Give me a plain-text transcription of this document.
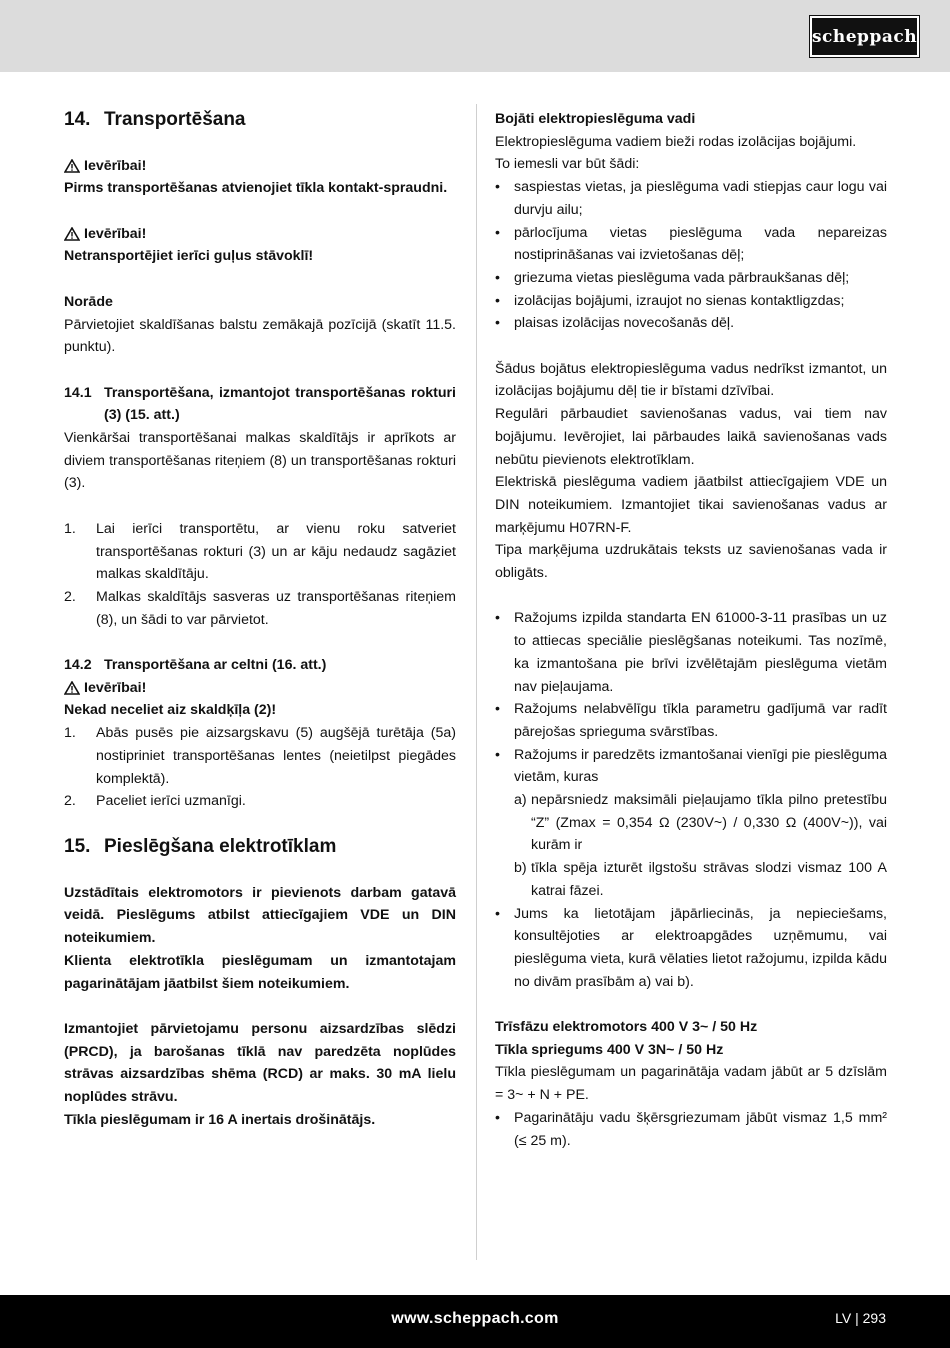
scheppach
14. Transportēšana
Ievērībai!
Pirms transportēšanas atvienojiet tīkla kontakt-spraudni.
Ievērībai!
Netransportējiet ierīci guļus stāvoklī!
Norāde
Pārvietojiet skaldīšanas balstu zemākajā pozīcijā (skatīt 11.5. punktu).
14.1 Transportēšana, izmantojot transportēšanas rokturi (3) (15. att.)
Vienkāršai transportēšanai malkas skaldītājs ir aprīkots ar diviem transportēšanas riteņiem (8) un transportēšanas rokturi (3).
1.	Lai ierīci transportētu, ar vienu roku satveriet transportēšanas rokturi (3) un ar kāju nedaudz sagāziet malkas skaldītāju.
2.	Malkas skaldītājs sasveras uz transportēšanas riteņiem (8), un šādi to var pārvietot.
14.2 Transportēšana ar celtni (16. att.)
Ievērībai!
Nekad neceliet aiz skaldķīļa (2)!
1.	Abās pusēs pie aizsargskavu (5) augšējā turētāja (5a) nostipriniet transportēšanas lentes (neietilpst piegādes komplektā).
2.	Paceliet ierīci uzmanīgi.
15. Pieslēgšana elektrotīklam
Uzstādītais elektromotors ir pievienots darbam gatavā veidā. Pieslēgums atbilst attiecīgajiem VDE un DIN noteikumiem.
Klienta elektrotīkla pieslēgumam un izmantotajam pagarinātājam jāatbilst šiem noteikumiem.
Izmantojiet pārvietojamu personu aizsardzības slēdzi (PRCD), ja barošanas tīklā nav paredzēta noplūdes strāvas aizsardzības shēma (RCD) ar maks. 30 mA lielu noplūdes strāvu.
Tīkla pieslēgumam ir 16 A inertais drošinātājs.
Bojāti elektropieslēguma vadi
Elektropieslēguma vadiem bieži rodas izolācijas bojājumi.
To iemesli var būt šādi:
• saspiestas vietas, ja pieslēguma vadi stiepjas caur logu vai durvju ailu;
• pārlocījuma vietas pieslēguma vada nepareizas nostiprināšanas vai izvietošanas dēļ;
• griezuma vietas pieslēguma vada pārbraukšanas dēļ;
• izolācijas bojājumi, izraujot no sienas kontaktligzdas;
• plaisas izolācijas novecošanās dēļ.
Šādus bojātus elektropieslēguma vadus nedrīkst izmantot, un izolācijas bojājumu dēļ tie ir bīstami dzīvībai.
Regulāri pārbaudiet savienošanas vadus, vai tiem nav bojājumu. Ievērojiet, lai pārbaudes laikā savienošanas vads nebūtu pievienots elektrotīklam.
Elektriskā pieslēguma vadiem jāatbilst attiecīgajiem VDE un DIN noteikumiem. Izmantojiet tikai savienošanas vadus ar marķējumu H07RN-F.
Tipa marķējuma uzdrukātais teksts uz savienošanas vada ir obligāts.
• Ražojums izpilda standarta EN 61000-3-11 prasības un uz to attiecas speciālie pieslēgšanas noteikumi. Tas nozīmē, ka izmantošana pie brīvi izvēlētajām pieslēguma vietām nav pieļaujama.
• Ražojums nelabvēlīgu tīkla parametru gadījumā var radīt pārejošas sprieguma svārstības.
• Ražojums ir paredzēts izmantošanai vienīgi pie pieslēguma vietām, kuras
a) nepārsniedz maksimāli pieļaujamo tīkla pilno pretestību “Z” (Zmax = 0,354 Ω (230V~) / 0,330 Ω (400V~)), vai kurām ir
b) tīkla spēja izturēt ilgstošu strāvas slodzi vismaz 100 A katrai fāzei.
• Jums ka lietotājam jāpārliecinās, ja nepieciešams, konsultējoties ar elektroapgādes uzņēmumu, vai pieslēguma vieta, kurā vēlaties lietot ražojumu, izpilda kādu no divām prasībām a) vai b).
Trīsfāzu elektromotors 400 V 3~ / 50 Hz
Tīkla spriegums 400 V 3N~ / 50 Hz
Tīkla pieslēgumam un pagarinātāja vadam jābūt ar 5 dzīslām = 3~ + N + PE.
• Pagarinātāju vadu šķērsgriezumam jābūt vismaz 1,5 mm² (≤ 25 m).
www.scheppach.com	LV | 293
